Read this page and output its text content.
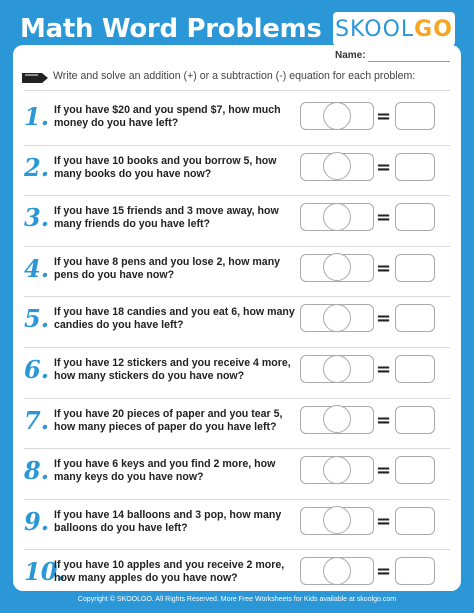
Math Word Problems SKOOLGO
Name:
Write and solve an addition (+) or a subtraction (-) equation for each problem:
1. If you have $20 and you spend $7, how much money do you have left?	=
2. If you have 10 books and you borrow 5, how many books do you have now?	=
3. If you have 15 friends and 3 move away, how many friends do you have left?	=
4. If you have 8 pens and you lose 2, how many pens do you have now?	=
5. If you have 18 candies and you eat 6, how many candies do you have left?	=
6. If you have 12 stickers and you receive 4 more, how many stickers do you have now?	=
7. If you have 20 pieces of paper and you tear 5, how many pieces of paper do you have left?	=
8. If you have 6 keys and you find 2 more, how many keys do you have now?	=
9. If you have 14 balloons and 3 pop, how many balloons do you have left?	=
10.
If you have 10 apples and you receive 2 more, how many apples do you have now?	=
Copyright © SKOOLGO. All Rights Reserved. More Free Worksheets for Kids available at skoolgo.com
